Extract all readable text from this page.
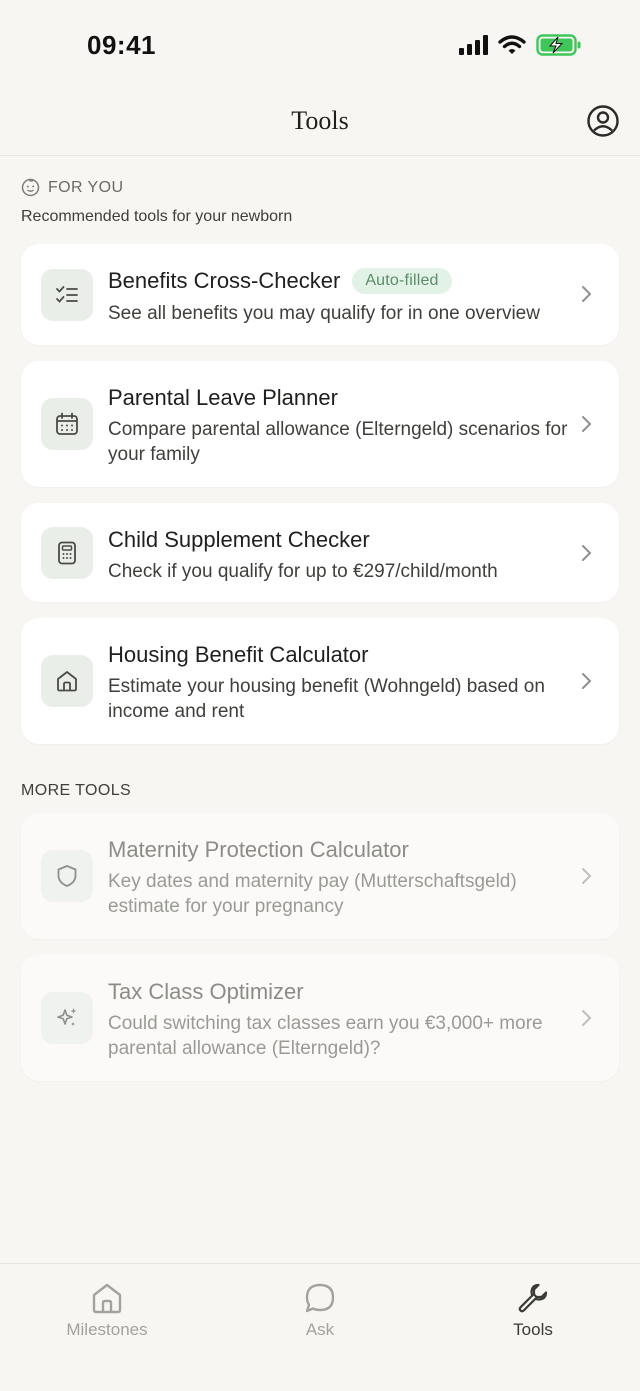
09:41
Tools
FOR YOU
Recommended tools for your newborn
Benefits Cross-Checker	Auto-filled
See all benefits you may qualify for in one overview
Parental Leave Planner
Compare parental allowance (Elterngeld) scenarios for your family
Child Supplement Checker
Check if you qualify for up to €297/child/month
Housing Benefit Calculator
Estimate your housing benefit (Wohngeld) based on income and rent
MORE TOOLS
Maternity Protection Calculator
Key dates and maternity pay (Mutterschaftsgeld) estimate for your pregnancy
Tax Class Optimizer
Could switching tax classes earn you €3,000+ more parental allowance (Elterngeld)?
Milestones	Ask	Tools
